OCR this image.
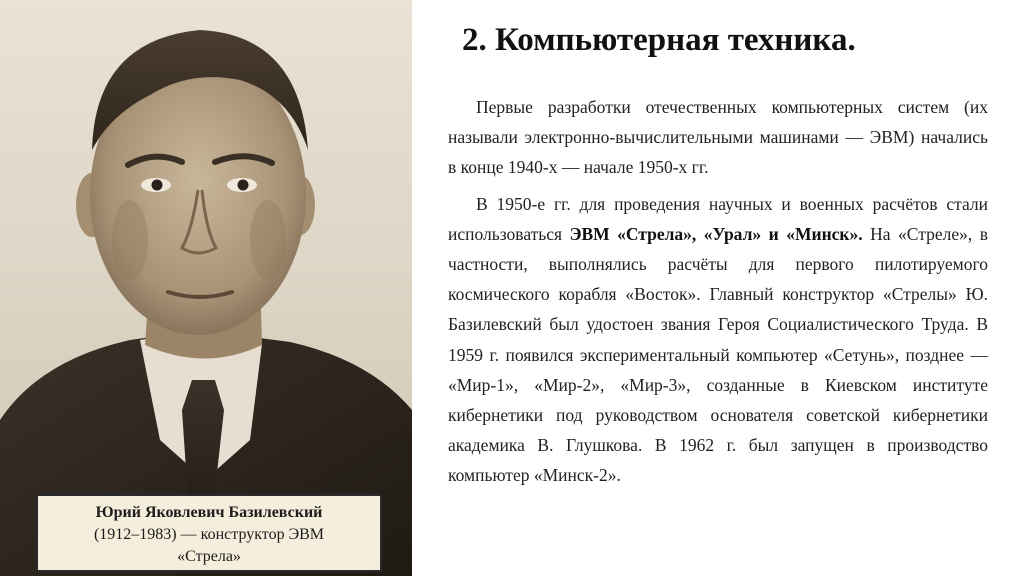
Юрий Яковлевич Базилевский
(1912–1983) — конструктор ЭВМ
«Стрела»
2. Компьютерная техника.

Первые разработки отечественных компьютерных систем (их называли электронно-вычислительными машинами — ЭВМ) начались в конце 1940-х — начале 1950-х гг.

В 1950-е гг. для проведения научных и военных расчётов стали использоваться ЭВМ «Стрела», «Урал» и «Минск». На «Стреле», в частности, выполнялись расчёты для первого пилотируемого космического корабля «Восток». Главный конструктор «Стрелы» Ю. Базилевский был удостоен звания Героя Социалистического Труда. В 1959 г. появился экспериментальный компьютер «Сетунь», позднее — «Мир-1», «Мир-2», «Мир-3», созданные в Киевском институте кибернетики под руководством основателя советской кибернетики академика В. Глушкова. В 1962 г. был запущен в производство компьютер «Минск-2».
